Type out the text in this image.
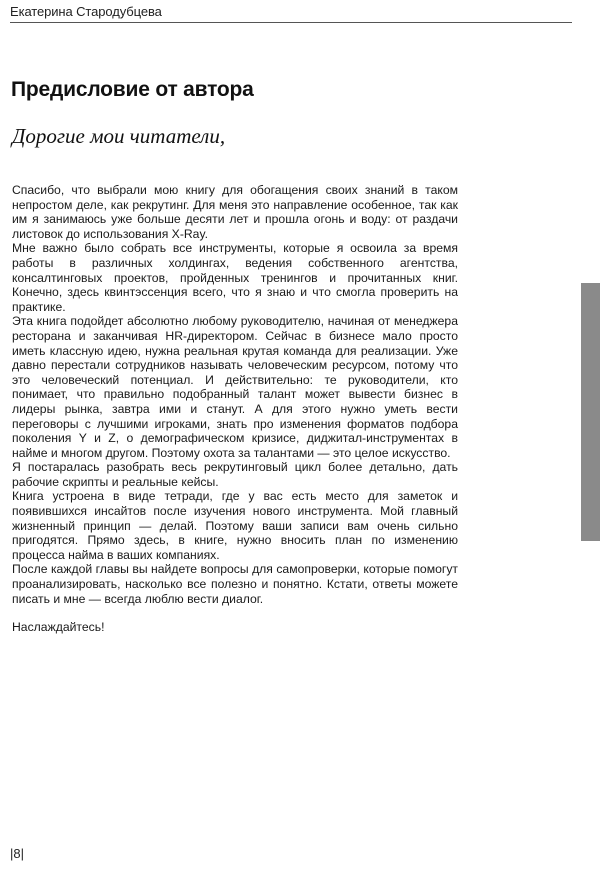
Екатерина Стародубцева
Предисловие от автора
Дорогие мои читатели,

Спасибо, что выбрали мою книгу для обогащения своих знаний в таком непростом деле, как рекрутинг. Для меня это направление особенное, так как им я занимаюсь уже больше десяти лет и прошла огонь и воду: от раздачи листовок до использования X-Ray.

Мне важно было собрать все инструменты, которые я освоила за время работы в различных холдингах, ведения собственного агентства, консалтинговых проектов, пройденных тренингов и прочитанных книг. Конечно, здесь квинтэссенция всего, что я знаю и что смогла проверить на практике.

Эта книга подойдет абсолютно любому руководителю, начиная от менеджера ресторана и заканчивая HR-директором. Сейчас в бизнесе мало просто иметь классную идею, нужна реальная крутая команда для реализации. Уже давно перестали сотрудников называть человеческим ресурсом, потому что это человеческий потенциал. И действительно: те руководители, кто понимает, что правильно подобранный талант может вывести бизнес в лидеры рынка, завтра ими и станут. А для этого нужно уметь вести переговоры с лучшими игроками, знать про изменения форматов подбора поколения Y и Z, о демографическом кризисе, диджитал-инструментах в найме и многом другом. Поэтому охота за талантами — это целое искусство.

Я постаралась разобрать весь рекрутинговый цикл более детально, дать рабочие скрипты и реальные кейсы.

Книга устроена в виде тетради, где у вас есть место для заметок и появившихся инсайтов после изучения нового инструмента. Мой главный жизненный принцип — делай. Поэтому ваши записи вам очень сильно пригодятся. Прямо здесь, в книге, нужно вносить план по изменению процесса найма в ваших компаниях.

После каждой главы вы найдете вопросы для самопроверки, которые помогут проанализировать, насколько все полезно и понятно. Кстати, ответы можете писать и мне — всегда люблю вести диалог.

Наслаждайтесь!

|8|
